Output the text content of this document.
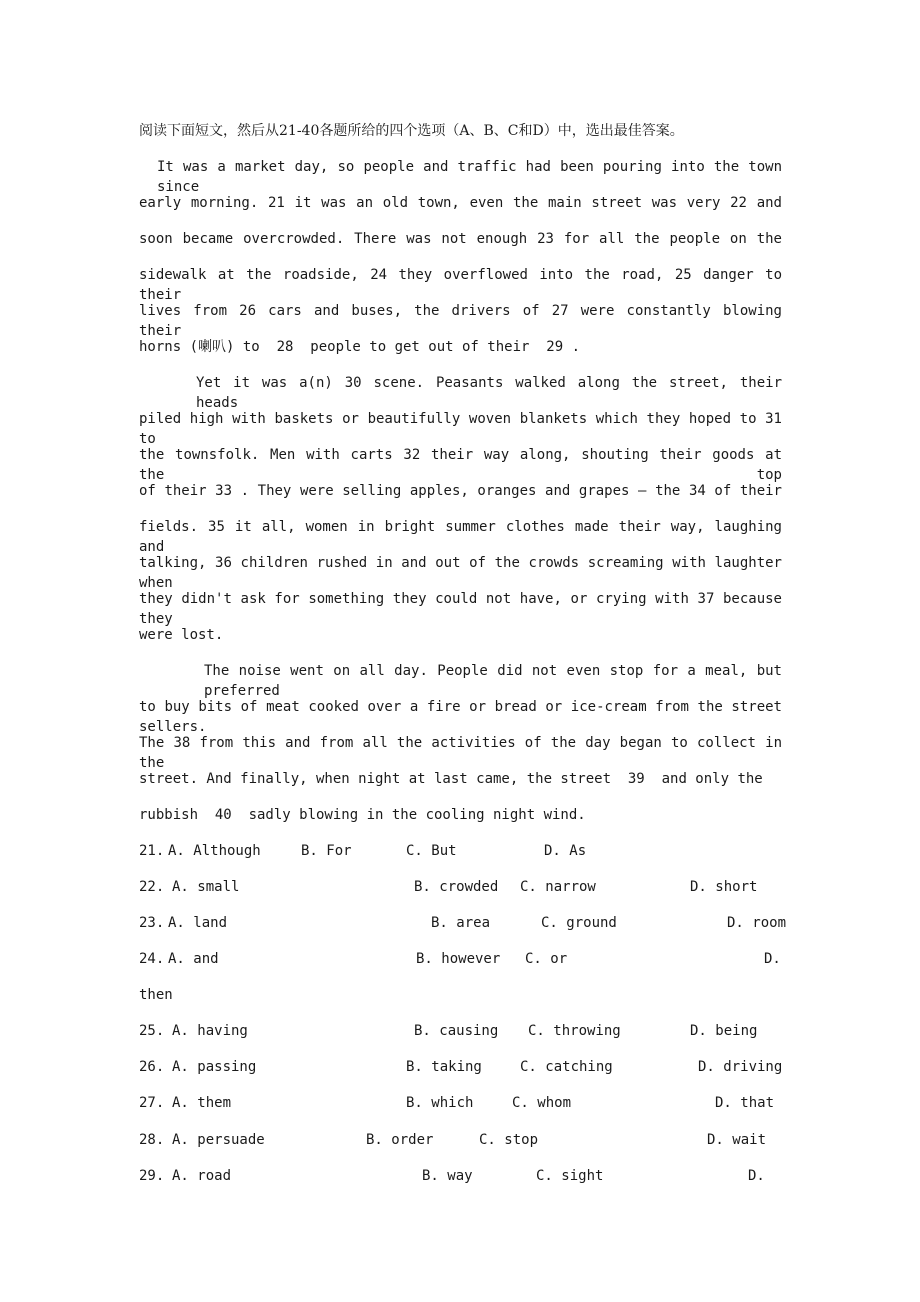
阅读下面短文，然后从21-40各题所给的四个选项（A、B、C和D）中，选出最佳答案。
It was a market day, so people and traffic had been pouring into the town since
early morning. 21 it was an old town, even the main street was very 22 and
soon became overcrowded. There was not enough 23 for all the people on the
sidewalk at the roadside, 24 they overflowed into the road, 25 danger to their
lives from 26 cars and buses, the drivers of 27 were constantly blowing their
horns (喇叭) to  28  people to get out of their  29 .
Yet it was a(n) 30 scene. Peasants walked along the street, their heads
piled high with baskets or beautifully woven blankets which they hoped to 31 to
the townsfolk. Men with carts 32 their way along, shouting their goods at the top
of their 33 . They were selling apples, oranges and grapes — the 34 of their
fields. 35 it all, women in bright summer clothes made their way, laughing and
talking, 36 children rushed in and out of the crowds screaming with laughter when
they didn't ask for something they could not have, or crying with 37 because they
were lost.
The noise went on all day. People did not even stop for a meal, but preferred
to buy bits of meat cooked over a fire or bread or ice-cream from the street sellers.
The 38 from this and from all the activities of the day began to collect in the
street. And finally, when night at last came, the street  39  and only the
rubbish  40  sadly blowing in the cooling night wind.
21. A. Although	B. For	C. But	D. As
22. A. small	B. crowded C. narrow	D. short
23. A. land	B. area	C. ground	D. room
24. A. and	B. however C. or	D.
then
25. A. having	B. causing C. throwing	D. being
26. A. passing	B. taking	C. catching	D. driving
27. A. them	B. which	C. whom	D. that
28. A. persuade	B. order	C. stop	D. wait
29. A. road	B. way	C. sight	D.
